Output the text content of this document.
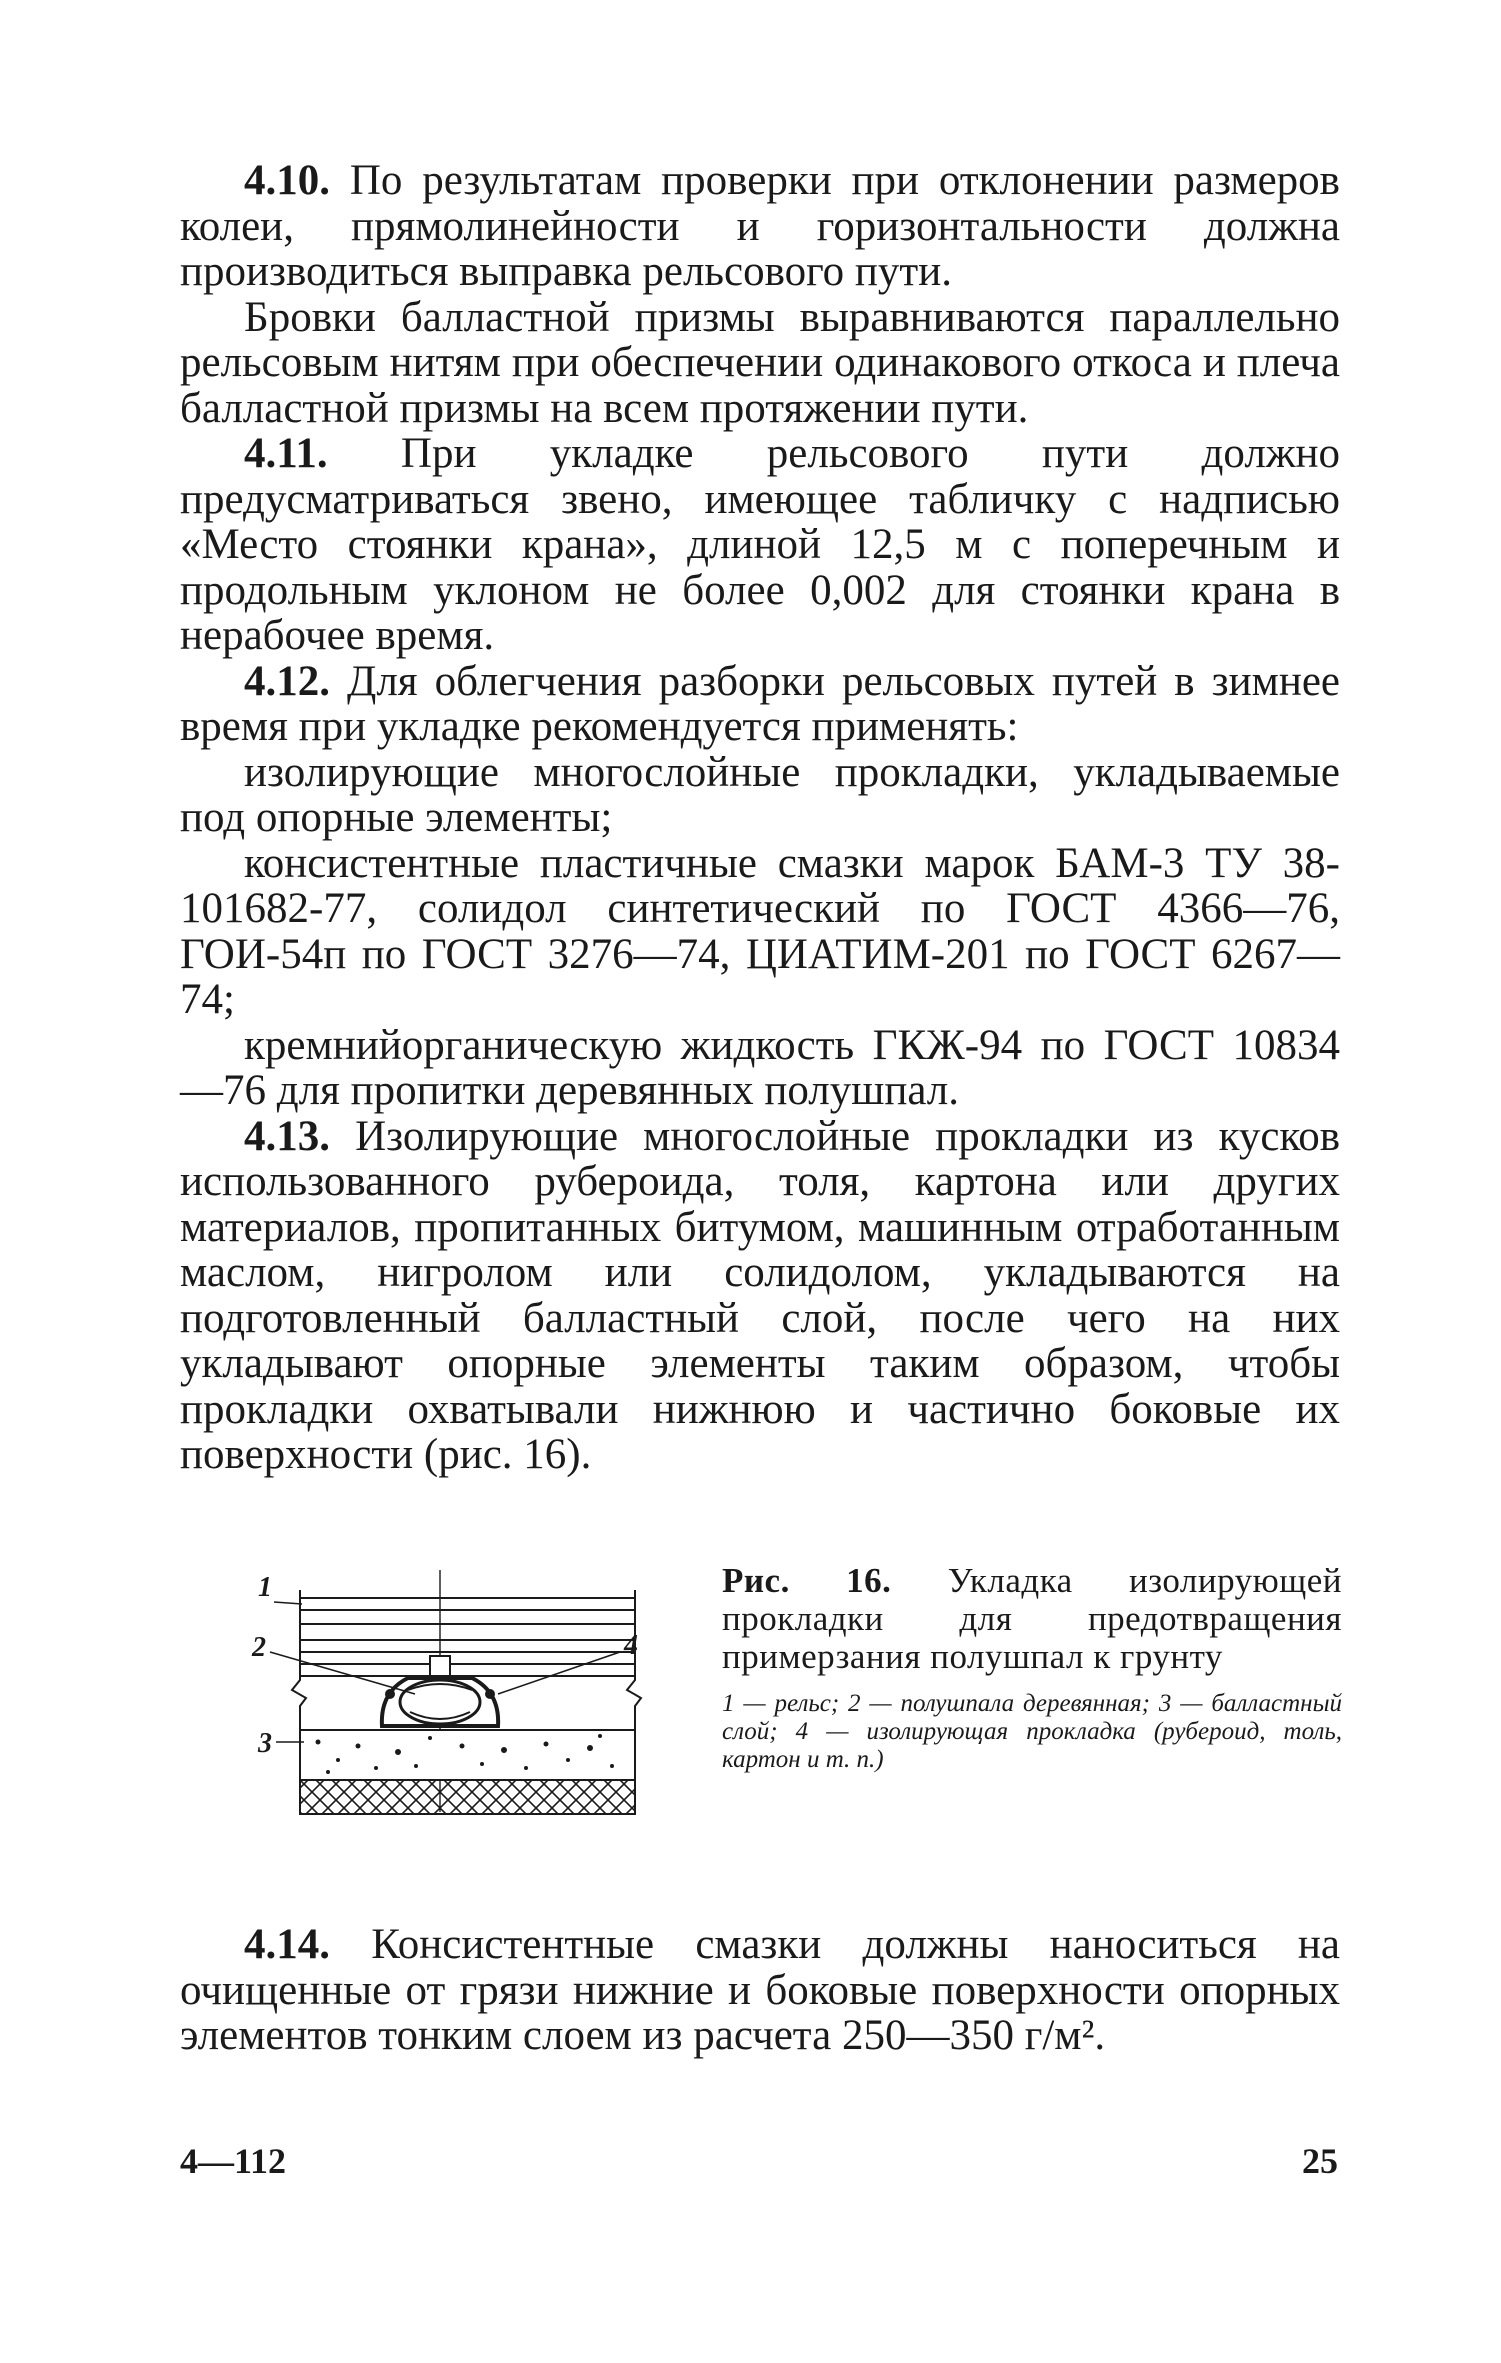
4.10. По результатам проверки при отклонении размеров колеи, прямолинейности и горизонтальности должна производиться выправка рельсового пути.

Бровки балластной призмы выравниваются параллельно рельсовым нитям при обеспечении одинакового откоса и плеча балластной призмы на всем протяжении пути.

4.11. При укладке рельсового пути должно предусматриваться звено, имеющее табличку с надписью «Место стоянки крана», длиной 12,5 м с поперечным и продольным уклоном не более 0,002 для стоянки крана в нерабочее время.

4.12. Для облегчения разборки рельсовых путей в зимнее время при укладке рекомендуется применять:

изолирующие многослойные прокладки, укладываемые под опорные элементы;

консистентные пластичные смазки марок БАМ-3 ТУ 38-101682-77, солидол синтетический по ГОСТ 4366—76, ГОИ-54п по ГОСТ 3276—74, ЦИАТИМ-201 по ГОСТ 6267—74;

кремнийорганическую жидкость ГКЖ-94 по ГОСТ 10834—76 для пропитки деревянных полушпал.

4.13. Изолирующие многослойные прокладки из кусков использованного рубероида, толя, картона или других материалов, пропитанных битумом, машинным отработанным маслом, нигролом или солидолом, укладываются на подготовленный балластный слой, после чего на них укладывают опорные элементы таким образом, чтобы прокладки охватывали нижнюю и частично боковые их поверхности (рис. 16).

1
2
3
4

Рис. 16. Укладка изолирующей прокладки для предотвращения примерзания полушпал к грунту

1 — рельс; 2 — полушпала деревянная; 3 — балластный слой; 4 — изолирующая прокладка (рубероид, толь, картон и т. п.)

4.14. Консистентные смазки должны наноситься на очищенные от грязи нижние и боковые поверхности опорных элементов тонким слоем из расчета 250—350 г/м².

4—112	25
